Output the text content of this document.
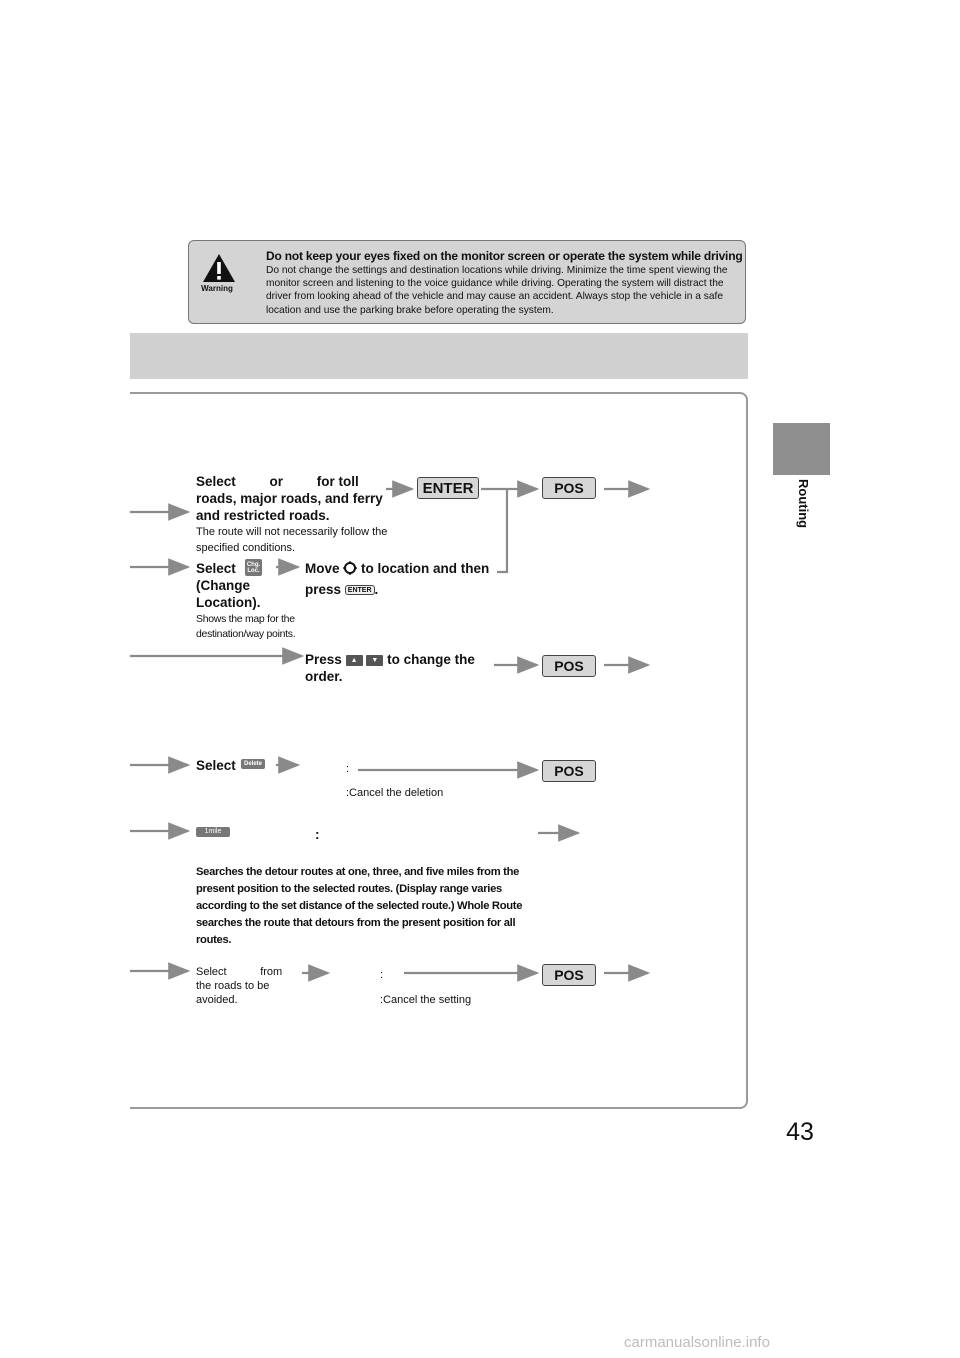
Warning
Do not keep your eyes fixed on the monitor screen or operate the system while driving
Do not change the settings and destination locations while driving. Minimize the time spent viewing the monitor screen and listening to the voice guidance while driving. Operating the system will distract the driver from looking ahead of the vehicle and may cause an accident. Always stop the vehicle in a safe location and use the parking brake before operating the system.
Routing
ENTER	POS
POS
POS
POS
Select         or         for toll
roads, major roads, and ferry
and restricted roads.
The route will not necessarily follow the specified conditions.
Select	Chg.
Loc.
(Change Location).
Shows the map for the destination/way points.
Move to location and then
press ENTER .
Press ▲ ▼ to change the
order.
Select	Delete	:
:Cancel the deletion
1mile	:
Searches the detour routes at one, three, and five miles from the present position to the selected routes. (Display range varies according to the set distance of the selected route.) Whole Route searches the route that detours from the present position for all routes.
Select           from the roads to be avoided.
:
:Cancel the setting
43
carmanualsonline.info
